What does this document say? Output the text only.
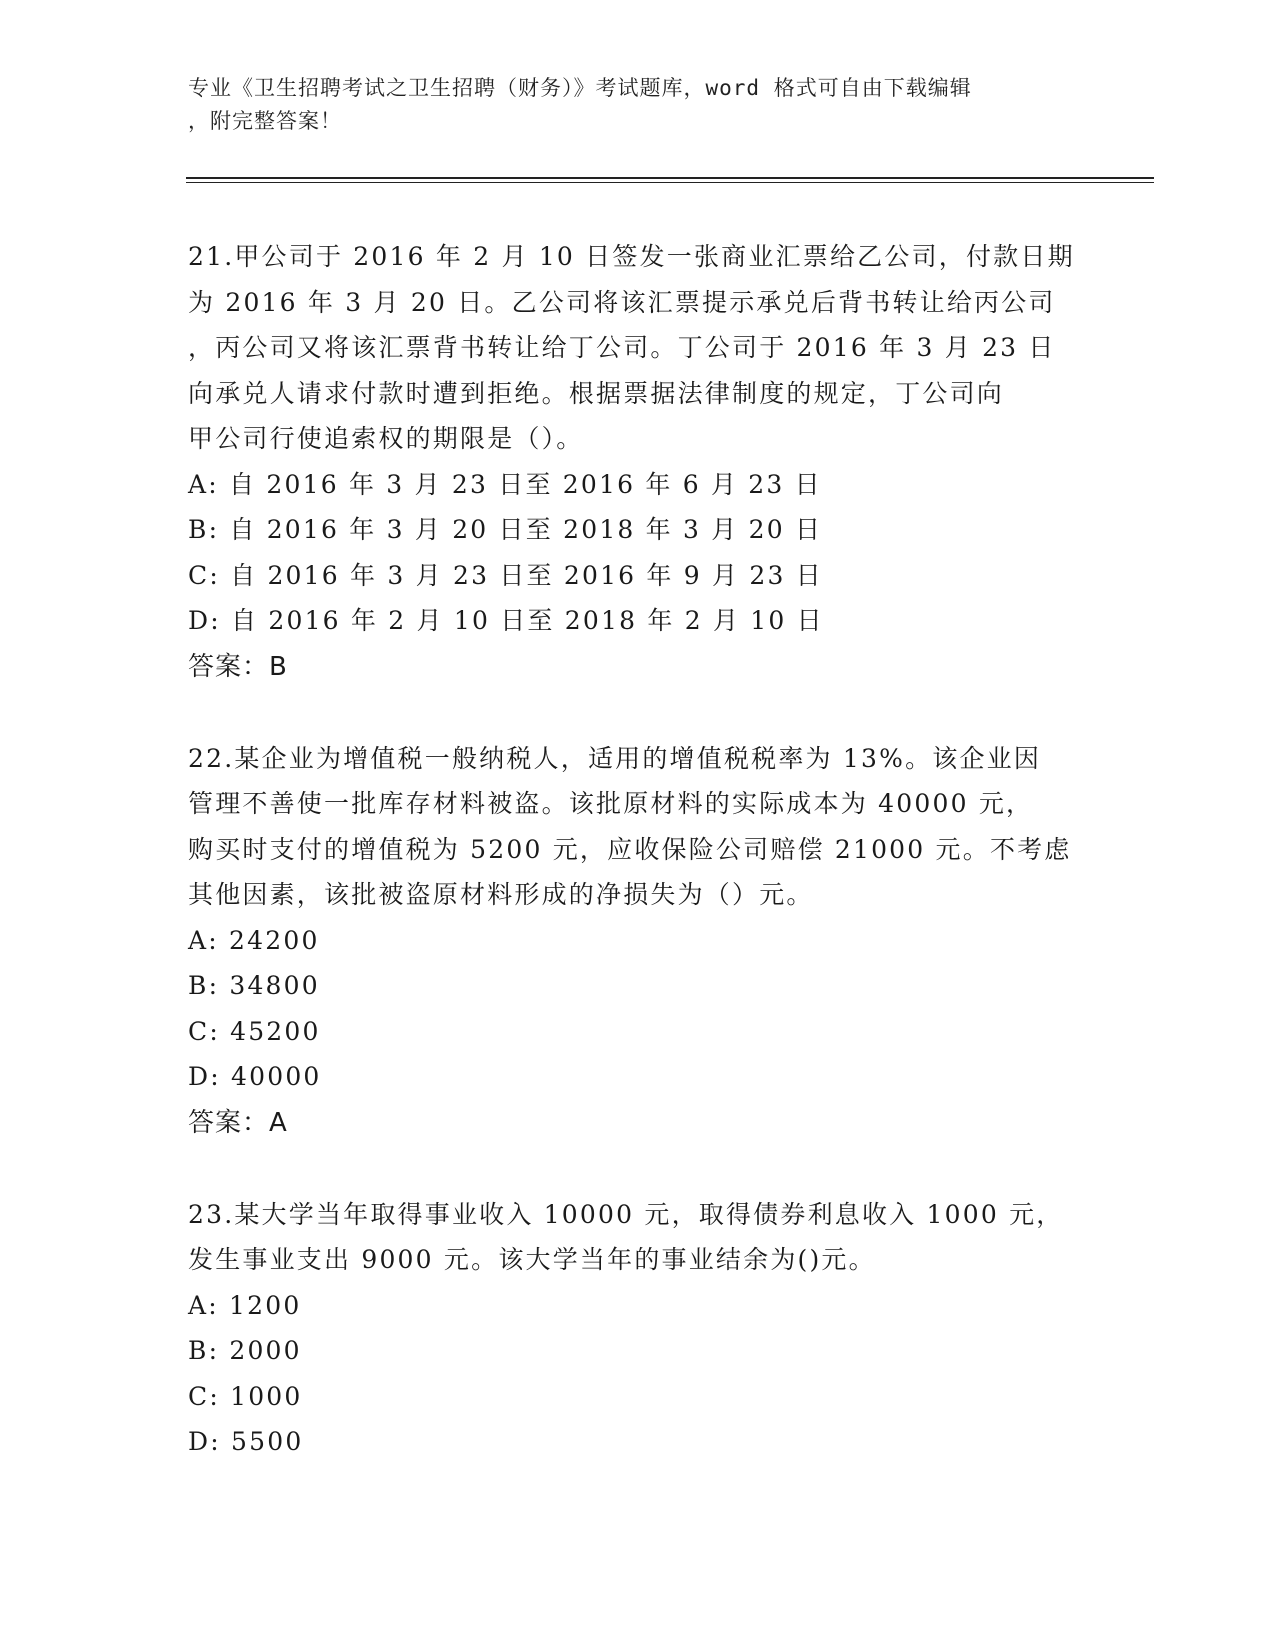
专业《卫生招聘考试之卫生招聘（财务）》考试题库，word 格式可自由下载编辑
，附完整答案！

21.甲公司于 2016 年 2 月 10 日签发一张商业汇票给乙公司，付款日期

为 2016 年 3 月 20 日。乙公司将该汇票提示承兑后背书转让给丙公司

，丙公司又将该汇票背书转让给丁公司。丁公司于 2016 年 3 月 23 日

向承兑人请求付款时遭到拒绝。根据票据法律制度的规定，丁公司向

甲公司行使追索权的期限是（）。

A: 自 2016 年 3 月 23 日至 2016 年 6 月 23 日

B: 自 2016 年 3 月 20 日至 2018 年 3 月 20 日

C: 自 2016 年 3 月 23 日至 2016 年 9 月 23 日

D: 自 2016 年 2 月 10 日至 2018 年 2 月 10 日

答案：B

22.某企业为增值税一般纳税人，适用的增值税税率为 13%。该企业因

管理不善使一批库存材料被盗。该批原材料的实际成本为 40000 元，

购买时支付的增值税为 5200 元，应收保险公司赔偿 21000 元。不考虑

其他因素，该批被盗原材料形成的净损失为（）元。

A: 24200

B: 34800

C: 45200

D: 40000

答案：A

23.某大学当年取得事业收入 10000 元，取得债券利息收入 1000 元，

发生事业支出 9000 元。该大学当年的事业结余为()元。

A: 1200

B: 2000

C: 1000

D: 5500
